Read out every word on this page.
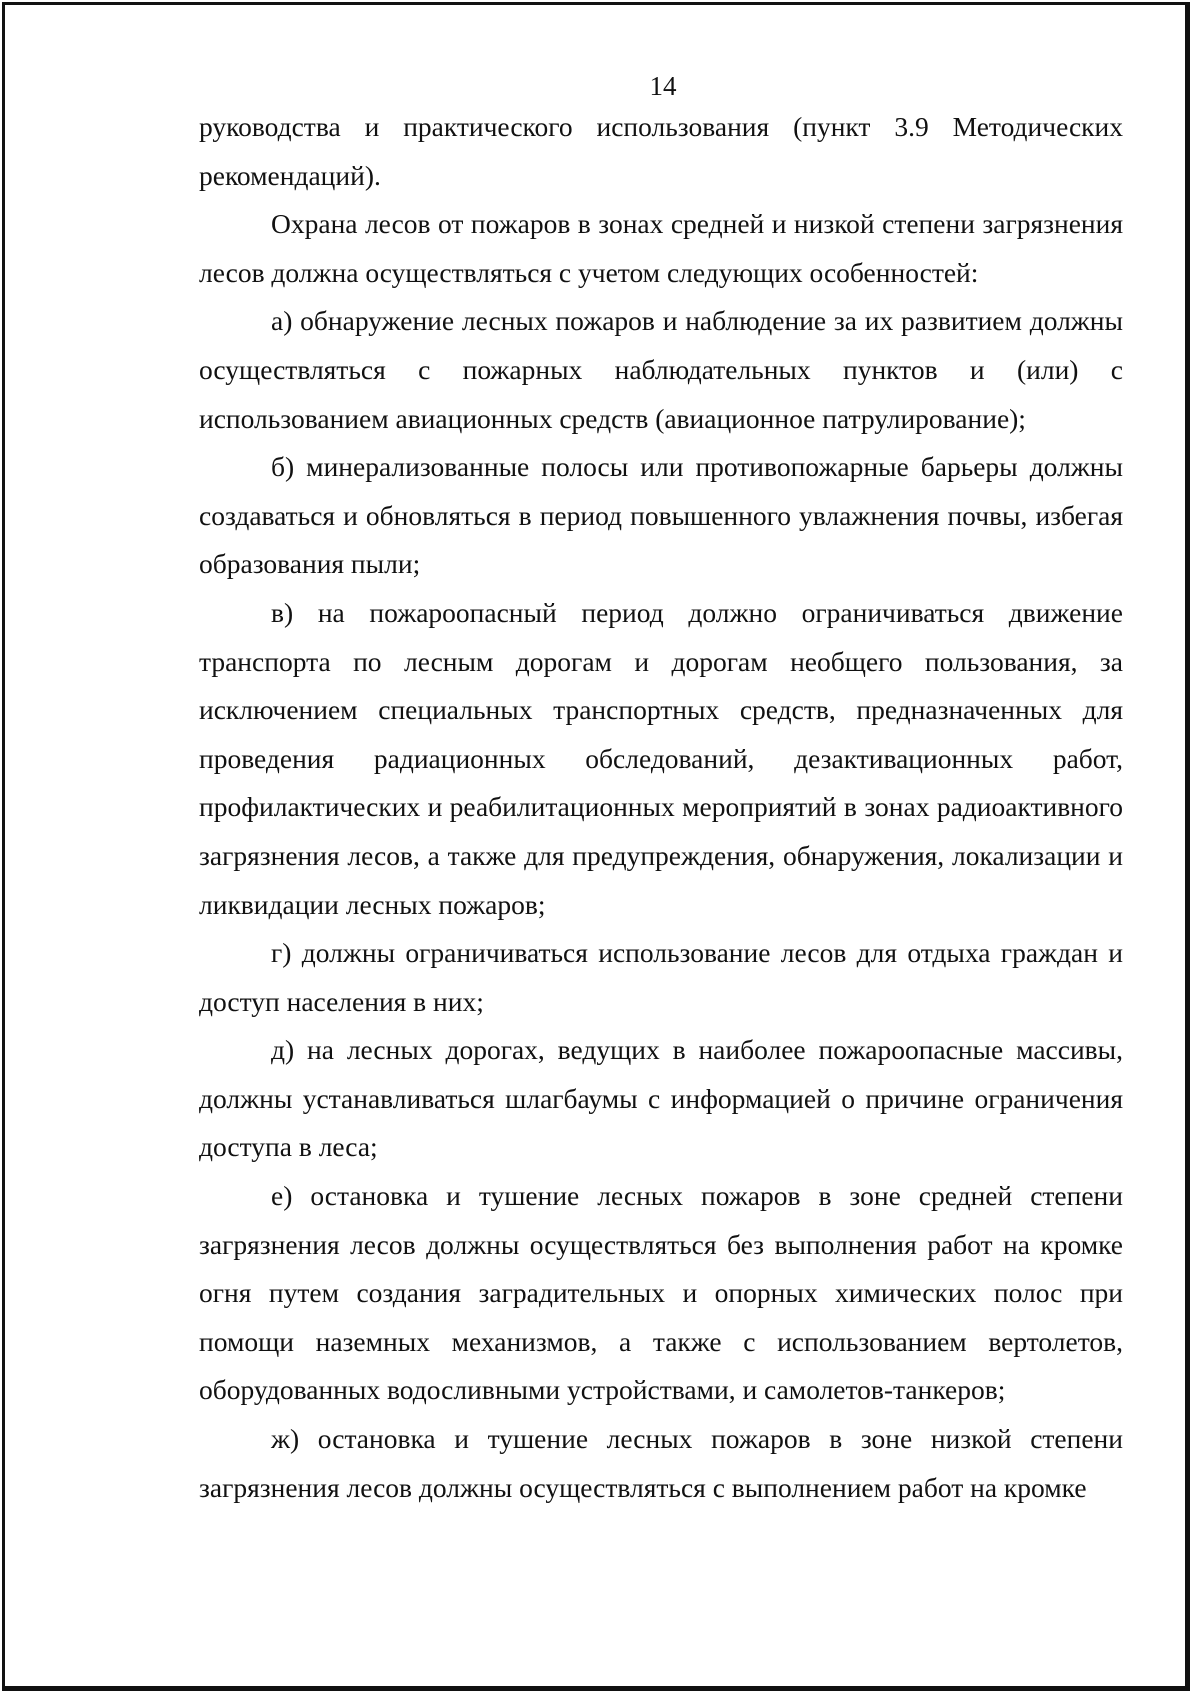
14

руководства и практического использования (пункт 3.9 Методических рекомендаций).

Охрана лесов от пожаров в зонах средней и низкой степени загрязнения лесов должна осуществляться с учетом следующих особенностей:

а) обнаружение лесных пожаров и наблюдение за их развитием должны осуществляться с пожарных наблюдательных пунктов и (или) с использованием авиационных средств (авиационное патрулирование);

б) минерализованные полосы или противопожарные барьеры должны создаваться и обновляться в период повышенного увлажнения почвы, избегая образования пыли;

в) на пожароопасный период должно ограничиваться движение транспорта по лесным дорогам и дорогам необщего пользования, за исключением специальных транспортных средств, предназначенных для проведения радиационных обследований, дезактивационных работ, профилактических и реабилитационных мероприятий в зонах радиоактивного загрязнения лесов, а также для предупреждения, обнаружения, локализации и ликвидации лесных пожаров;

г) должны ограничиваться использование лесов для отдыха граждан и доступ населения в них;

д) на лесных дорогах, ведущих в наиболее пожароопасные массивы, должны устанавливаться шлагбаумы с информацией о причине ограничения доступа в леса;

е) остановка и тушение лесных пожаров в зоне средней степени загрязнения лесов должны осуществляться без выполнения работ на кромке огня путем создания заградительных и опорных химических полос при помощи наземных механизмов, а также с использованием вертолетов, оборудованных водосливными устройствами, и самолетов-танкеров;

ж) остановка и тушение лесных пожаров в зоне низкой степени загрязнения лесов должны осуществляться с выполнением работ на кромке
